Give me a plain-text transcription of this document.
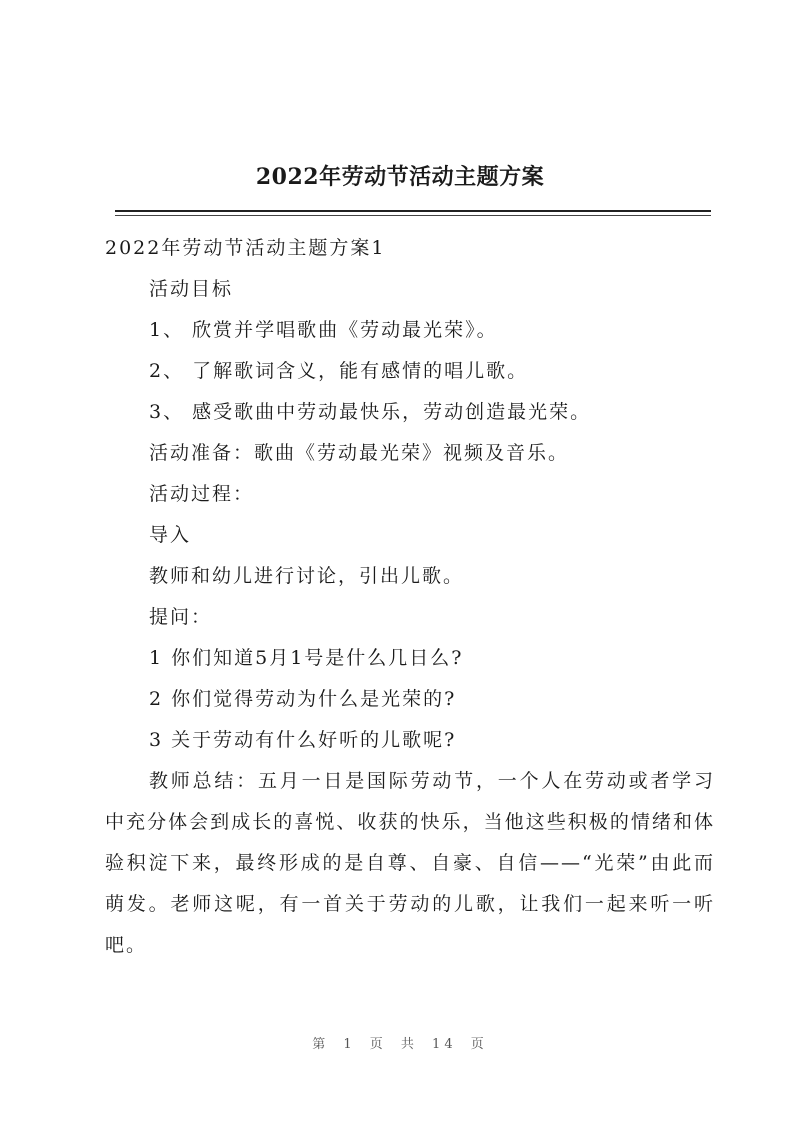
2022年劳动节活动主题方案

2022年劳动节活动主题方案1

活动目标

1、 欣赏并学唱歌曲《劳动最光荣》。

2、 了解歌词含义，能有感情的唱儿歌。

3、 感受歌曲中劳动最快乐，劳动创造最光荣。

活动准备：歌曲《劳动最光荣》视频及音乐。

活动过程：

导入

教师和幼儿进行讨论，引出儿歌。

提问：

1 你们知道5月1号是什么几日么?

2 你们觉得劳动为什么是光荣的?

3 关于劳动有什么好听的儿歌呢?

教师总结：五月一日是国际劳动节，一个人在劳动或者学习中充分体会到成长的喜悦、收获的快乐，当他这些积极的情绪和体验积淀下来，最终形成的是自尊、自豪、自信——“光荣”由此而萌发。老师这呢，有一首关于劳动的儿歌，让我们一起来听一听吧。

第 1 页 共 14 页
